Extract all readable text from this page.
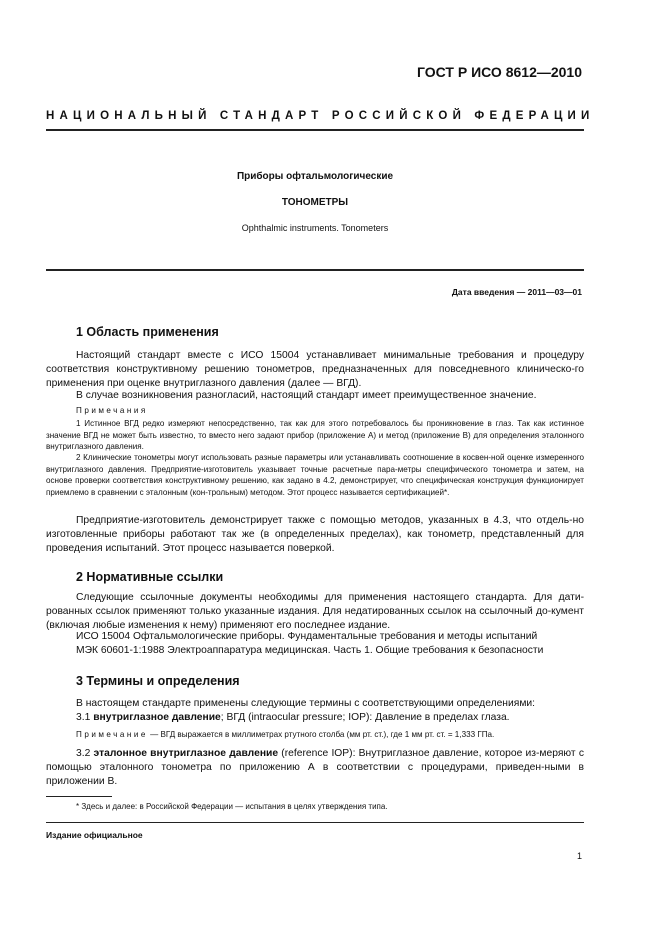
ГОСТ Р ИСО 8612—2010
НАЦИОНАЛЬНЫЙ СТАНДАРТ РОССИЙСКОЙ ФЕДЕРАЦИИ
Приборы офтальмологические
ТОНОМЕТРЫ
Ophthalmic instruments. Tonometers
Дата введения — 2011—03—01
1 Область применения
Настоящий стандарт вместе с ИСО 15004 устанавливает минимальные требования и процедуру соответствия конструктивному решению тонометров, предназначенных для повседневного клиническо-го применения при оценке внутриглазного давления (далее — ВГД).
В случае возникновения разногласий, настоящий стандарт имеет преимущественное значение.
Примечания
1 Истинное ВГД редко измеряют непосредственно, так как для этого потребовалось бы проникновение в глаз. Так как истинное значение ВГД не может быть известно, то вместо него задают прибор (приложение А) и метод (приложение В) для определения эталонного внутриглазного давления.
2 Клинические тонометры могут использовать разные параметры или устанавливать соотношение в косвен-ной оценке измеренного внутриглазного давления. Предприятие-изготовитель указывает точные расчетные пара-метры специфического тонометра и затем, на основе проверки соответствия конструктивному решению, как задано в 4.2, демонстрирует, что специфическая конструкция функционирует приемлемо в сравнении с эталонным (кон-трольным) методом. Этот процесс называется сертификацией*.
Предприятие-изготовитель демонстрирует также с помощью методов, указанных в 4.3, что отдель-но изготовленные приборы работают так же (в определенных пределах), как тонометр, представленный для проведения испытаний. Этот процесс называется поверкой.
2 Нормативные ссылки
Следующие ссылочные документы необходимы для применения настоящего стандарта. Для дати-рованных ссылок применяют только указанные издания. Для недатированных ссылок на ссылочный до-кумент (включая любые изменения к нему) применяют его последнее издание.
ИСО 15004 Офтальмологические приборы. Фундаментальные требования и методы испытаний
МЭК 60601-1:1988 Электроаппаратура медицинская. Часть 1. Общие требования к безопасности
3 Термины и определения
В настоящем стандарте применены следующие термины с соответствующими определениями:
3.1 внутриглазное давление; ВГД (intraocular pressure; IOP): Давление в пределах глаза.
Примечание — ВГД выражается в миллиметрах ртутного столба (мм рт. ст.), где 1 мм рт. ст. = 1,333 ГПа.
3.2 эталонное внутриглазное давление (reference IOP): Внутриглазное давление, которое из-меряют с помощью эталонного тонометра по приложению А в соответствии с процедурами, приведен-ными в приложении В.
* Здесь и далее: в Российской Федерации — испытания в целях утверждения типа.
Издание официальное
1
